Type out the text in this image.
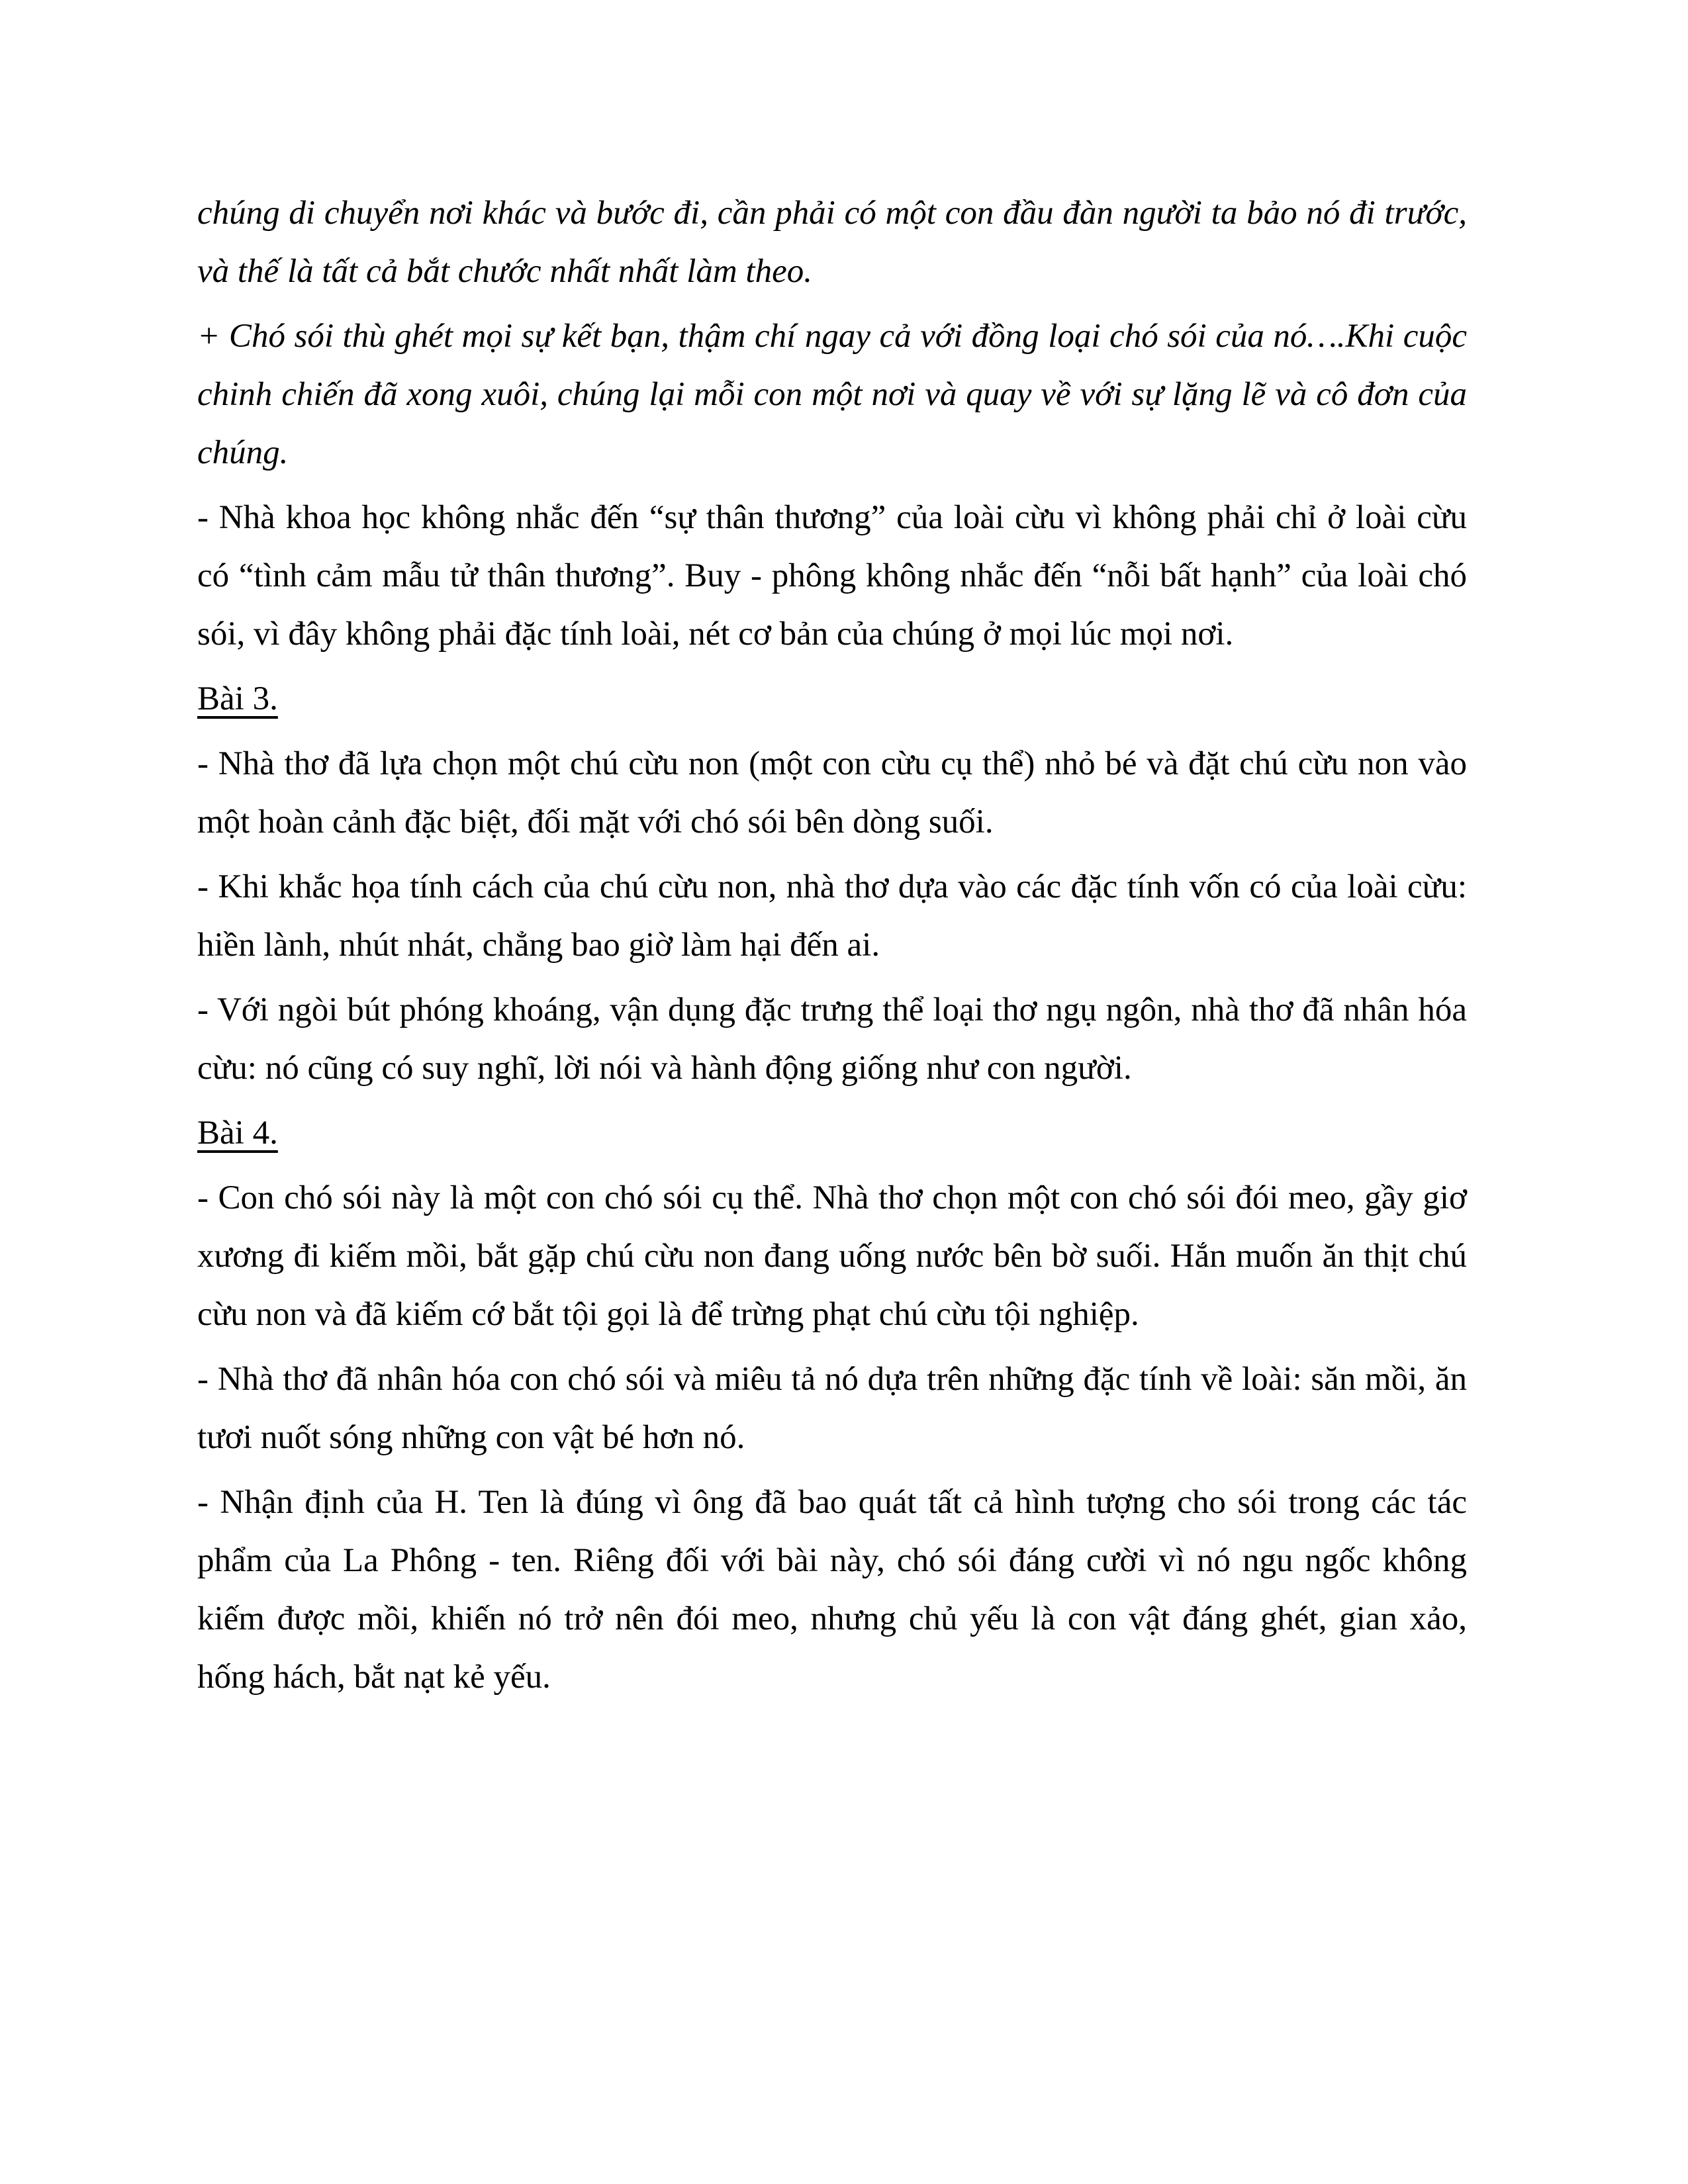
chúng di chuyển nơi khác và bước đi, cần phải có một con đầu đàn người ta bảo nó đi trước, và thế là tất cả bắt chước nhất nhất làm theo.

+ Chó sói thù ghét mọi sự kết bạn, thậm chí ngay cả với đồng loại chó sói của nó….Khi cuộc chinh chiến đã xong xuôi, chúng lại mỗi con một nơi và quay về với sự lặng lẽ và cô đơn của chúng.

- Nhà khoa học không nhắc đến “sự thân thương” của loài cừu vì không phải chỉ ở loài cừu có “tình cảm mẫu tử thân thương”. Buy - phông không nhắc đến “nỗi bất hạnh” của loài chó sói, vì đây không phải đặc tính loài, nét cơ bản của chúng ở mọi lúc mọi nơi.

Bài 3.

- Nhà thơ đã lựa chọn một chú cừu non (một con cừu cụ thể) nhỏ bé và đặt chú cừu non vào một hoàn cảnh đặc biệt, đối mặt với chó sói bên dòng suối.

- Khi khắc họa tính cách của chú cừu non, nhà thơ dựa vào các đặc tính vốn có của loài cừu: hiền lành, nhút nhát, chẳng bao giờ làm hại đến ai.

- Với ngòi bút phóng khoáng, vận dụng đặc trưng thể loại thơ ngụ ngôn, nhà thơ đã nhân hóa cừu: nó cũng có suy nghĩ, lời nói và hành động giống như con người.

Bài 4.

- Con chó sói này là một con chó sói cụ thể. Nhà thơ chọn một con chó sói đói meo, gầy giơ xương đi kiếm mồi, bắt gặp chú cừu non đang uống nước bên bờ suối. Hắn muốn ăn thịt chú cừu non và đã kiếm cớ bắt tội gọi là để trừng phạt chú cừu tội nghiệp.

- Nhà thơ đã nhân hóa con chó sói và miêu tả nó dựa trên những đặc tính về loài: săn mồi, ăn tươi nuốt sóng những con vật bé hơn nó.

- Nhận định của H. Ten là đúng vì ông đã bao quát tất cả hình tượng cho sói trong các tác phẩm của La Phông - ten. Riêng đối với bài này, chó sói đáng cười vì nó ngu ngốc không kiếm được mồi, khiến nó trở nên đói meo, nhưng chủ yếu là con vật đáng ghét, gian xảo, hống hách, bắt nạt kẻ yếu.
